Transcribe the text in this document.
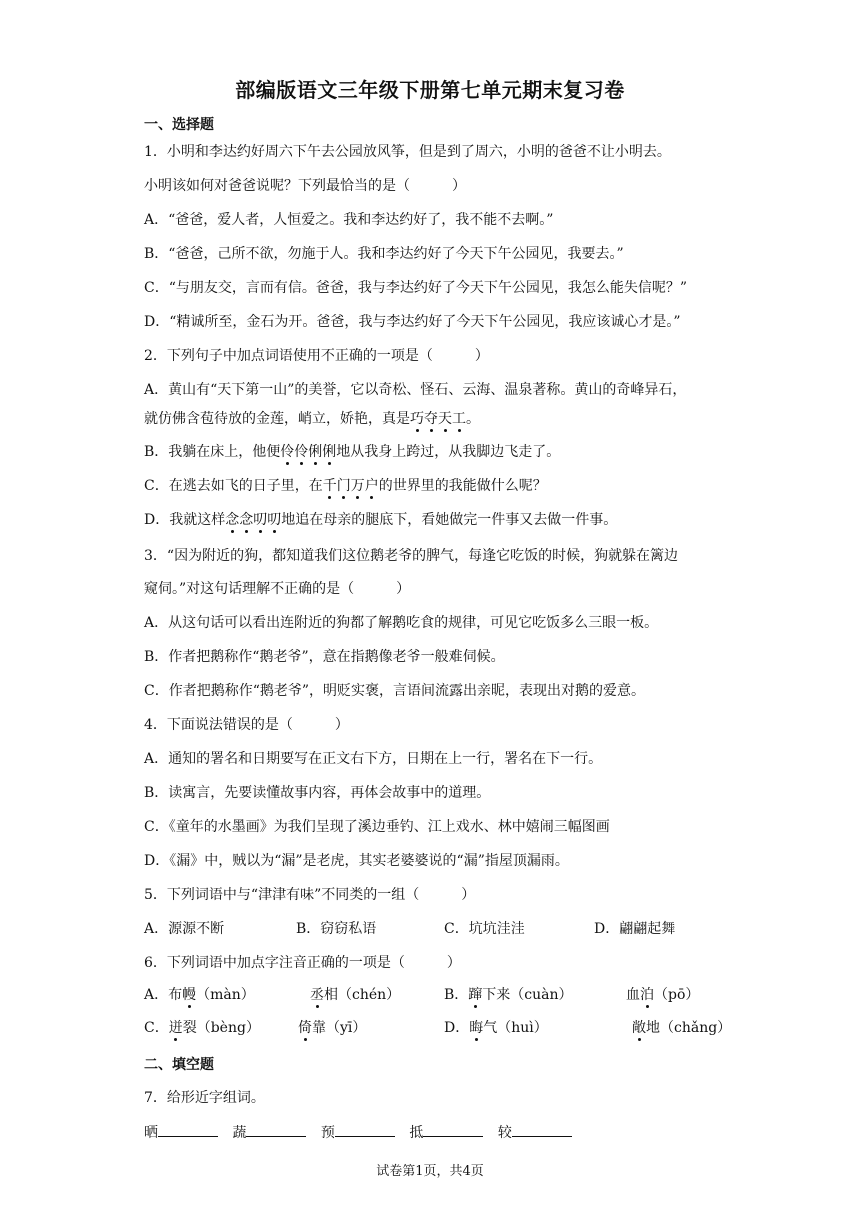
部编版语文三年级下册第七单元期末复习卷
一、选择题
1．小明和李达约好周六下午去公园放风筝，但是到了周六，小明的爸爸不让小明去。
小明该如何对爸爸说呢？下列最恰当的是（　　　）
A．“爸爸，爱人者，人恒爱之。我和李达约好了，我不能不去啊。”
B．“爸爸，己所不欲，勿施于人。我和李达约好了今天下午公园见，我要去。”
C．“与朋友交，言而有信。爸爸，我与李达约好了今天下午公园见，我怎么能失信呢？”
D．“精诚所至，金石为开。爸爸，我与李达约好了今天下午公园见，我应该诚心才是。”
2．下列句子中加点词语使用不正确的一项是（　　　）
A．黄山有“天下第一山”的美誉，它以奇松、怪石、云海、温泉著称。黄山的奇峰异石，
就仿佛含苞待放的金莲，峭立，娇艳，真是巧夺天工。
B．我躺在床上，他便伶伶俐俐地从我身上跨过，从我脚边飞走了。
C．在逃去如飞的日子里，在千门万户的世界里的我能做什么呢？
D．我就这样念念叨叨地追在母亲的腿底下，看她做完一件事又去做一件事。
3．“因为附近的狗，都知道我们这位鹅老爷的脾气，每逢它吃饭的时候，狗就躲在篱边
窥伺。”对这句话理解不正确的是（　　　）
A．从这句话可以看出连附近的狗都了解鹅吃食的规律，可见它吃饭多么三眼一板。
B．作者把鹅称作“鹅老爷”，意在指鹅像老爷一般难伺候。
C．作者把鹅称作“鹅老爷”，明贬实褒，言语间流露出亲昵，表现出对鹅的爱意。
4．下面说法错误的是（　　　）
A．通知的署名和日期要写在正文右下方，日期在上一行，署名在下一行。
B．读寓言，先要读懂故事内容，再体会故事中的道理。
C．《童年的水墨画》为我们呈现了溪边垂钓、江上戏水、林中嬉闹三幅图画
D．《漏》中，贼以为“漏”是老虎，其实老婆婆说的“漏”指屋顶漏雨。
5．下列词语中与“津津有味”不同类的一组（　　　）
A．源源不断	B．窃窃私语	C．坑坑洼洼	D．翩翩起舞
6．下列词语中加点字注音正确的一项是（　　　）
A．布幔（màn）	丞相（chén）	B．蹿下来（cuàn）	血泊（pō）
C．迸裂（bèng）	倚靠（yī）	D．晦气（huì）	敞地（chǎng）
二、填空题
7．给形近字组词。
晒	蔬	预	抵	较
试卷第1页，共4页
